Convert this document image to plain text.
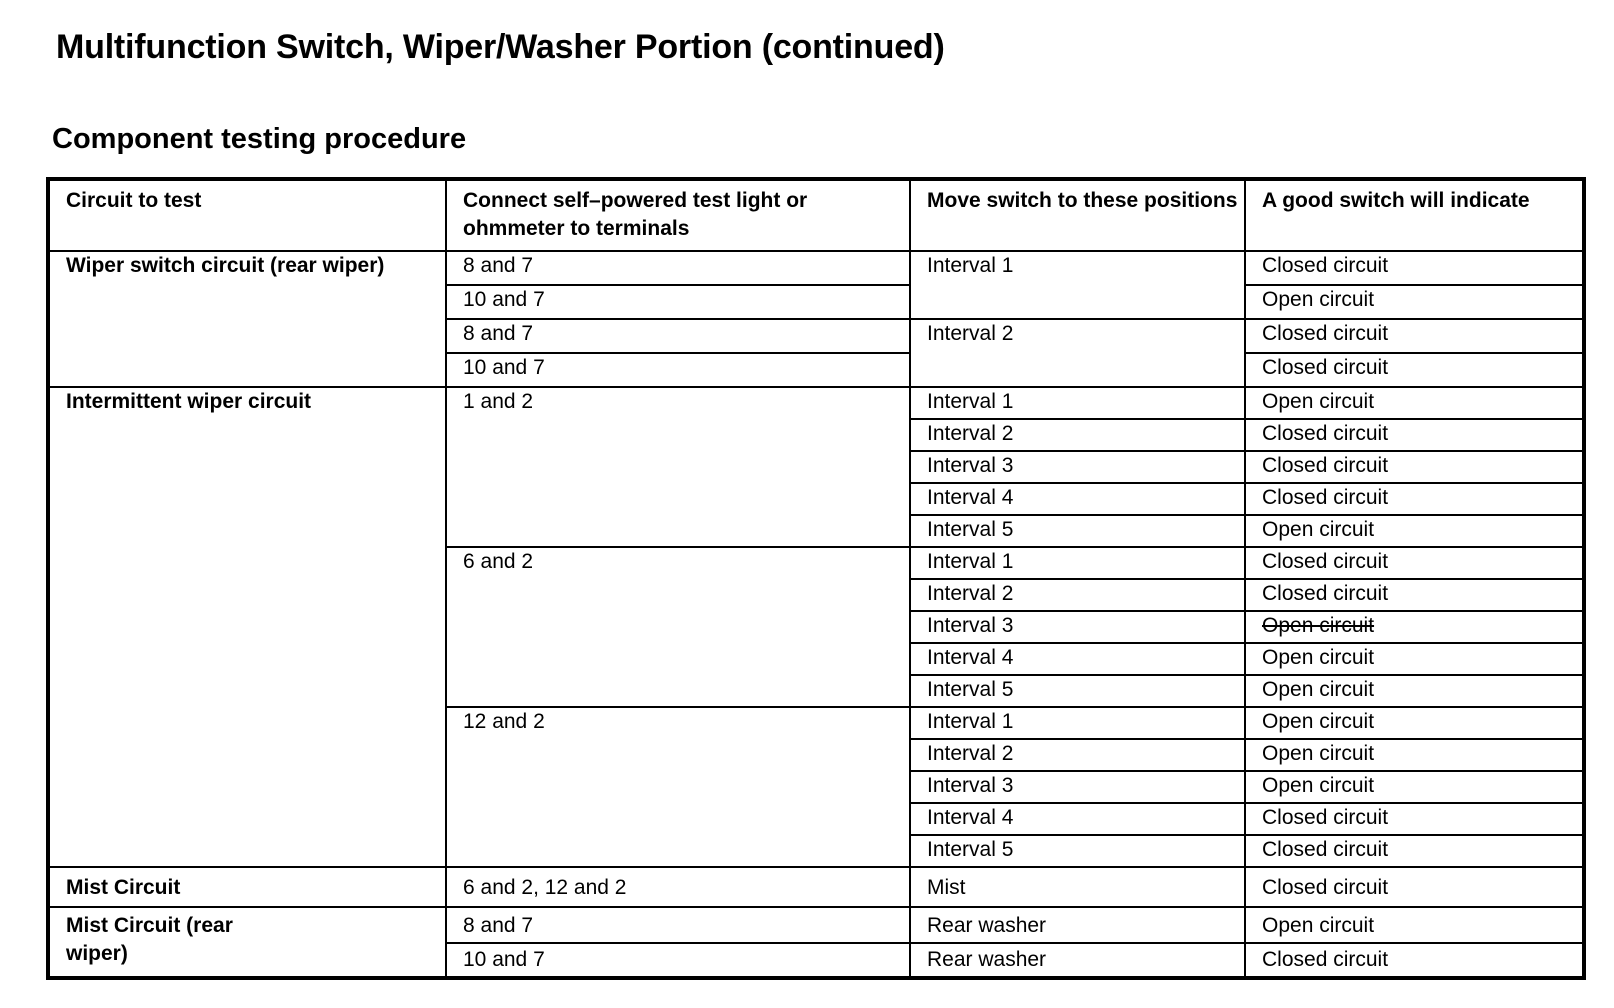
Multifunction Switch, Wiper/Washer Portion (continued)
Component testing procedure
Circuit to test	Connect self–powered test light or ohmmeter to terminals	Move switch to these positions	A good switch will indicate
Wiper switch circuit (rear wiper)	8 and 7	Interval 1	Closed circuit
	10 and 7		Open circuit
	8 and 7	Interval 2	Closed circuit
	10 and 7		Closed circuit
Intermittent wiper circuit	1 and 2	Interval 1	Open circuit
		Interval 2	Closed circuit
		Interval 3	Closed circuit
		Interval 4	Closed circuit
		Interval 5	Open circuit
	6 and 2	Interval 1	Closed circuit
		Interval 2	Closed circuit
		Interval 3	Open circuit
		Interval 4	Open circuit
		Interval 5	Open circuit
	12 and 2	Interval 1	Open circuit
		Interval 2	Open circuit
		Interval 3	Open circuit
		Interval 4	Closed circuit
		Interval 5	Closed circuit
Mist Circuit	6 and 2, 12 and 2	Mist	Closed circuit
Mist Circuit (rear wiper)	8 and 7	Rear washer	Open circuit
	10 and 7	Rear washer	Closed circuit
